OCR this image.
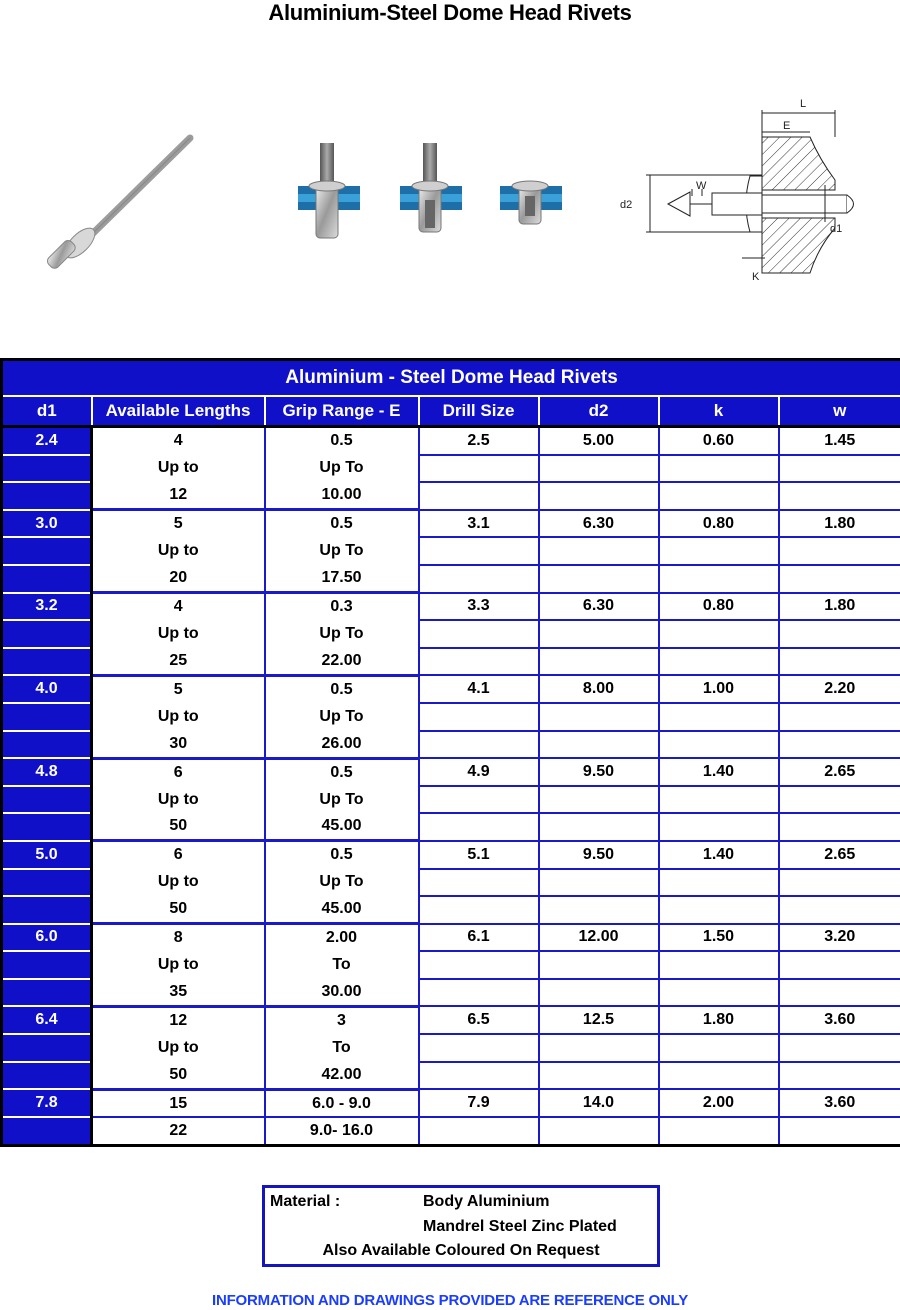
Aluminium-Steel Dome Head Rivets
L
E
W
d2
d1
K
Aluminium - Steel Dome Head Rivets						
d1	Available Lengths	Grip Range - E	Drill Size	d2	k	w
2.4	4	0.5	2.5	5.00	0.60	1.45
	Up to	Up To				
	12	10.00				
3.0	5	0.5	3.1	6.30	0.80	1.80
	Up to	Up To				
	20	17.50				
3.2	4	0.3	3.3	6.30	0.80	1.80
	Up to	Up To				
	25	22.00				
4.0	5	0.5	4.1	8.00	1.00	2.20
	Up to	Up To				
	30	26.00				
4.8	6	0.5	4.9	9.50	1.40	2.65
	Up to	Up To				
	50	45.00				
5.0	6	0.5	5.1	9.50	1.40	2.65
	Up to	Up To				
	50	45.00				
6.0	8	2.00	6.1	12.00	1.50	3.20
	Up to	To				
	35	30.00				
6.4	12	3	6.5	12.5	1.80	3.60
	Up to	To				
	50	42.00				
7.8	15	6.0 - 9.0	7.9	14.0	2.00	3.60
	22	9.0- 16.0				
Material :	Body Aluminium
Mandrel Steel Zinc Plated
Also Available Coloured On Request
INFORMATION AND DRAWINGS PROVIDED ARE REFERENCE ONLY
